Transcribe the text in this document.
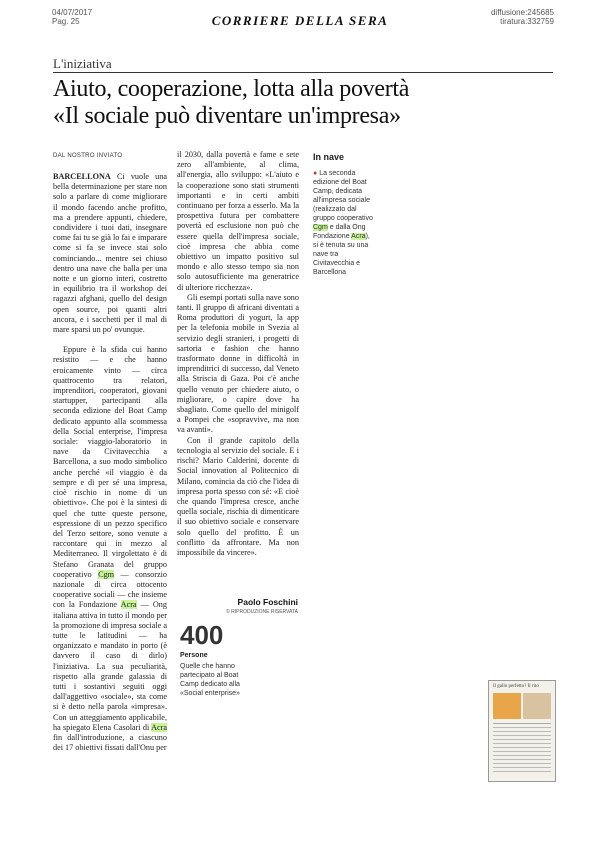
04/07/2017
Pag. 25	CORRIERE DELLA SERA
diffusione:245685
tiratura:332759
L'iniziativa
Aiuto, cooperazione, lotta alla povertà
«Il sociale può diventare un'impresa»
DAL NOSTRO INVIATO

BARCELLONA Ci vuole una bella determinazione per stare non solo a parlare di come migliorare il mondo facendo anche profitto, ma a prendere appunti, chiedere, condividere i tuoi dati, insegnare come fai tu se già lo fai e imparare come si fa se invece stai solo cominciando... mentre sei chiuso dentro una nave che balla per una notte e un giorno interi, costretto in equilibrio tra il workshop dei ragazzi afghani, quello del design open source, poi quanti altri ancora, e i sacchetti per il mal di mare sparsi un po' ovunque.

Eppure è la sfida cui hanno resistito — e che hanno eroicamente vinto — circa quattrocento tra relatori, imprenditori, cooperatori, giovani startupper, partecipanti alla seconda edizione del Boat Camp dedicato appunto alla scommessa della Social enterprise, l'impresa sociale: viaggio-laboratorio in nave da Civitavecchia a Barcellona, a suo modo simbolico anche perché «il viaggio è da sempre e di per sé una impresa, cioè rischio in nome di un obiettivo». Che poi è la sintesi di quel che tutte queste persone, espressione di un pezzo specifico del Terzo settore, sono venute a raccontare qui in mezzo al Mediterraneo. Il virgolettato è di Stefano Granata del gruppo cooperativo Cgm — consorzio nazionale di circa ottocento cooperative sociali — che insieme con la Fondazione Acra — Ong italiana attiva in tutto il mondo per la promozione di impresa sociale a tutte le latitudini — ha organizzato e mandato in porto (è davvero il caso di dirlo) l'iniziativa. La sua peculiarità, rispetto alla grande galassia di tutti i sostantivi seguiti oggi dall'aggettivo «sociale», sta come si è detto nella parola «impresa». Con un atteggiamento applicabile, ha spiegato Elena Casolari di Acra fin dall'introduzione, a ciascuno dei 17 obiettivi fissati dall'Onu per

il 2030, dalla povertà e fame e sete zero all'ambiente, al clima, all'energia, allo sviluppo: «L'aiuto e la cooperazione sono stati strumenti importanti e in certi ambiti continuano per forza a esserlo. Ma la prospettiva futura per combattere povertà ed esclusione non può che essere quella dell'impresa sociale, cioè impresa che abbia come obiettivo un impatto positivo sul mondo e allo stesso tempo sia non solo autosufficiente ma generatrice di ulteriore ricchezza».

Gli esempi portati sulla nave sono tanti. Il gruppo di africani diventati a Roma produttori di yogurt, la app per la telefonia mobile in Svezia al servizio degli stranieri, i progetti di sartoria e fashion che hanno trasformato donne in difficoltà in imprenditrici di successo, dal Veneto alla Striscia di Gaza. Poi c'è anche quello venuto per chiedere aiuto, o migliorare, o capire dove ha sbagliato. Come quello del minigolf a Pompei che «sopravvive, ma non va avanti».

Con il grande capitolo della tecnologia al servizio del sociale. E i rischi? Mario Calderini, docente di Social innovation al Politecnico di Milano, comincia da ciò che l'idea di impresa porta spesso con sé: «E cioè che quando l'impresa cresce, anche quella sociale, rischia di dimenticare il suo obiettivo sociale e conservare solo quello del profitto. È un conflitto da affrontare. Ma non impossibile da vincere».

Paolo Foschini
© RIPRODUZIONE RISERVATA
In nave
● La seconda edizione del Boat Camp, dedicata all'impresa sociale (realizzato dal gruppo cooperativo Cgm e dalla Ong Fondazione Acra), si è tenuta su una nave tra Civitavecchia e Barcellona
400
Persone
Quelle che hanno partecipato al Boat Camp dedicato alla «Social enterprise»
Il gallo perfetto? Il rito
